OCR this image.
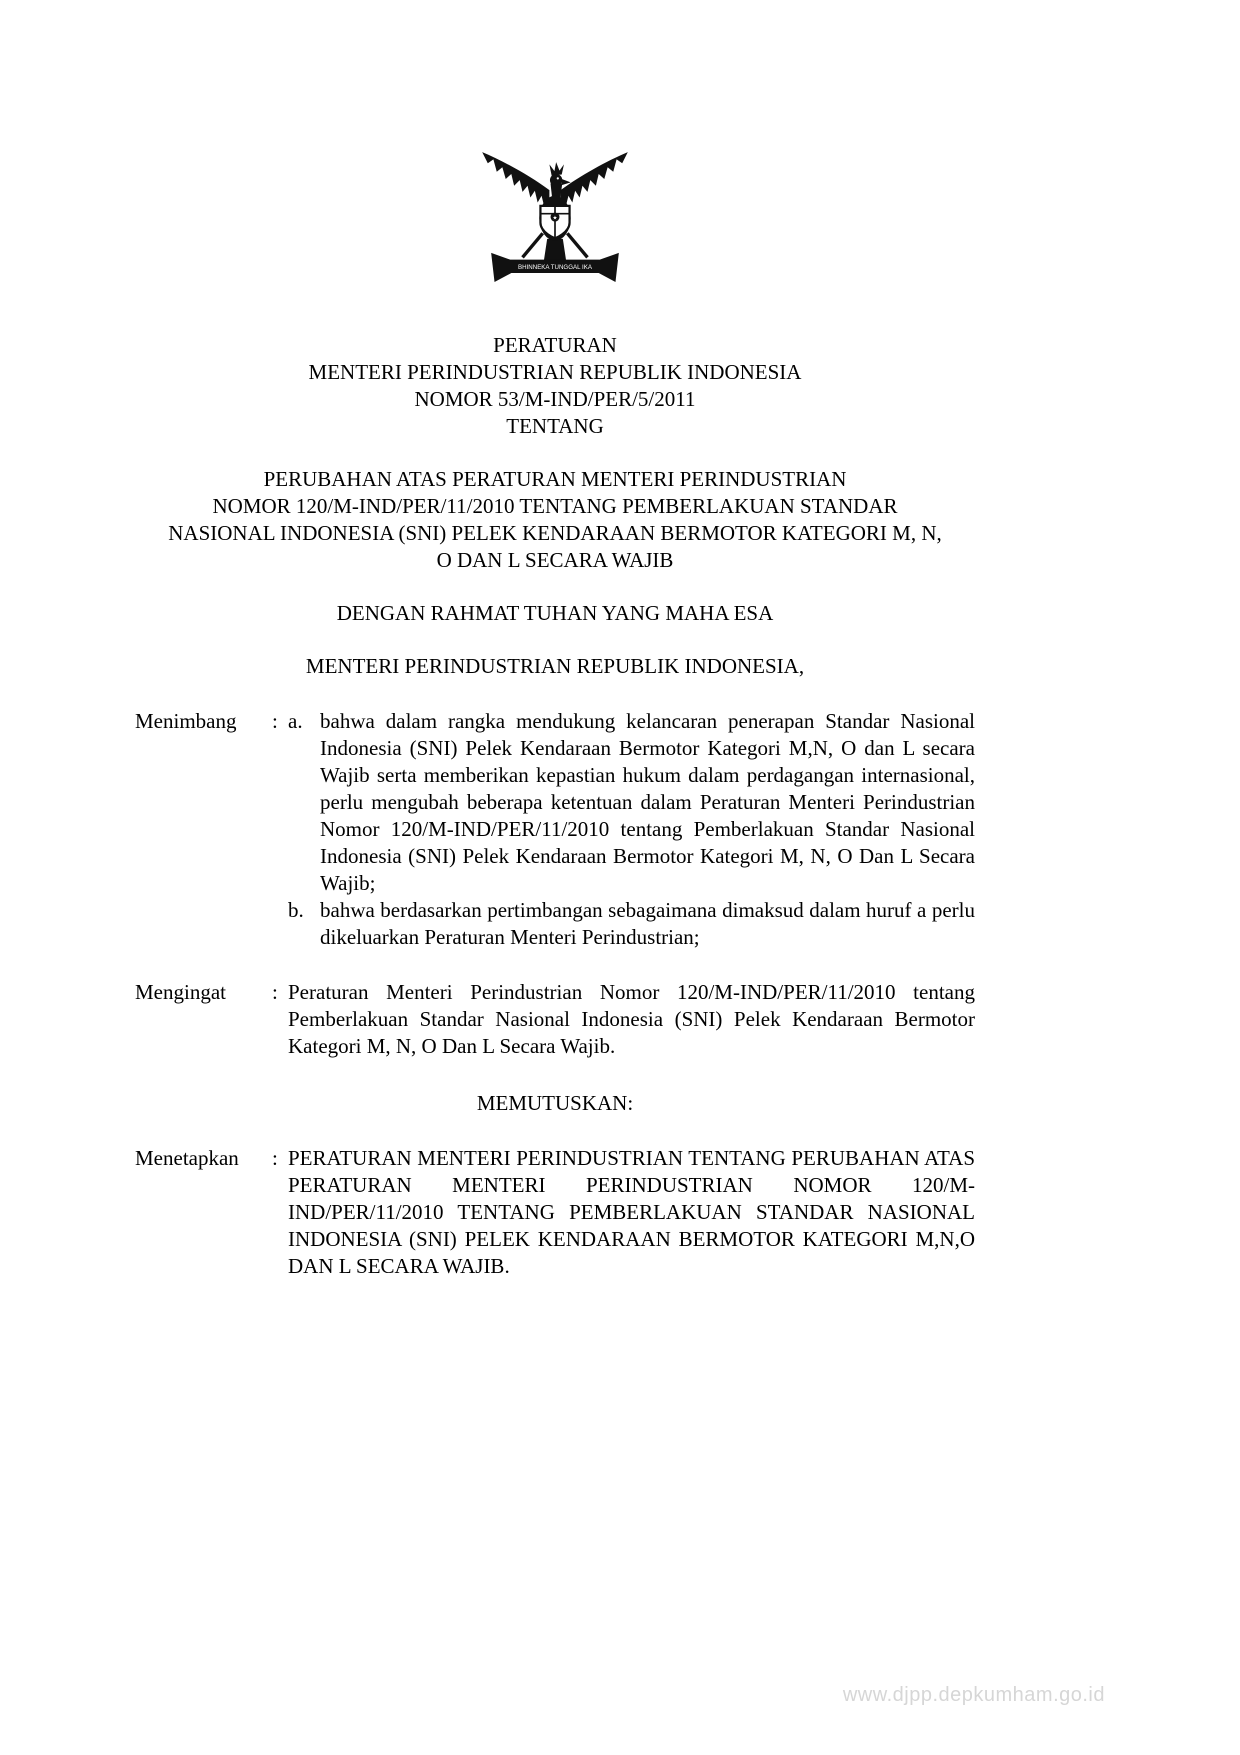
★
BHINNEKA TUNGGAL IKA
PERATURAN
MENTERI PERINDUSTRIAN REPUBLIK INDONESIA
NOMOR 53/M-IND/PER/5/2011
TENTANG
PERUBAHAN ATAS PERATURAN MENTERI PERINDUSTRIAN
NOMOR 120/M-IND/PER/11/2010 TENTANG PEMBERLAKUAN STANDAR
NASIONAL INDONESIA (SNI) PELEK KENDARAAN BERMOTOR KATEGORI M, N,
O DAN L SECARA WAJIB
DENGAN RAHMAT TUHAN YANG MAHA ESA
MENTERI PERINDUSTRIAN REPUBLIK INDONESIA,
Menimbang	: a. bahwa dalam rangka mendukung kelancaran penerapan Standar Nasional Indonesia (SNI) Pelek Kendaraan Bermotor Kategori M,N, O dan L secara Wajib serta memberikan kepastian hukum dalam perdagangan internasional, perlu mengubah beberapa ketentuan dalam Peraturan Menteri Perindustrian Nomor 120/M-IND/PER/11/2010 tentang Pemberlakuan Standar Nasional Indonesia (SNI) Pelek Kendaraan Bermotor Kategori M, N, O Dan L Secara Wajib;
b. bahwa berdasarkan pertimbangan sebagaimana dimaksud dalam huruf a perlu dikeluarkan Peraturan Menteri Perindustrian;
Mengingat	: Peraturan Menteri Perindustrian Nomor 120/M-IND/PER/11/2010 tentang Pemberlakuan Standar Nasional Indonesia (SNI) Pelek Kendaraan Bermotor Kategori M, N, O Dan L Secara Wajib.
MEMUTUSKAN:
Menetapkan	: PERATURAN MENTERI PERINDUSTRIAN TENTANG PERUBAHAN ATAS PERATURAN MENTERI PERINDUSTRIAN NOMOR 120/M-IND/PER/11/2010 TENTANG PEMBERLAKUAN STANDAR NASIONAL INDONESIA (SNI) PELEK KENDARAAN BERMOTOR KATEGORI M,N,O DAN L SECARA WAJIB.
www.djpp.depkumham.go.id
